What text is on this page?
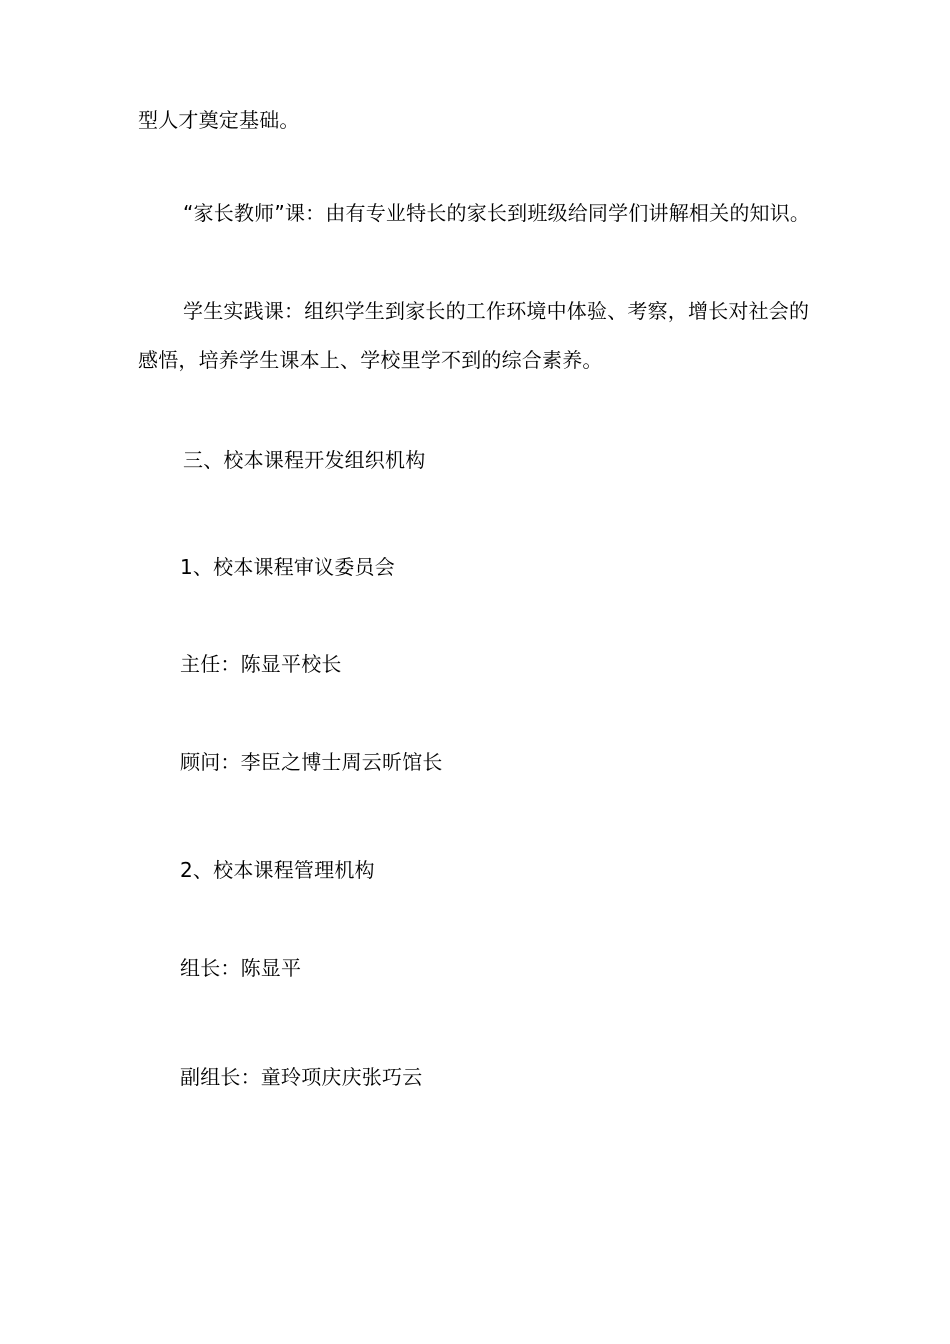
型人才奠定基础。

“家长教师”课：由有专业特长的家长到班级给同学们讲解相关的知识。

学生实践课：组织学生到家长的工作环境中体验、考察，增长对社会的

感悟，培养学生课本上、学校里学不到的综合素养。

三、校本课程开发组织机构

1、校本课程审议委员会

主任：陈显平校长

顾问：李臣之博士周云昕馆长

2、校本课程管理机构

组长：陈显平

副组长：童玲项庆庆张巧云
